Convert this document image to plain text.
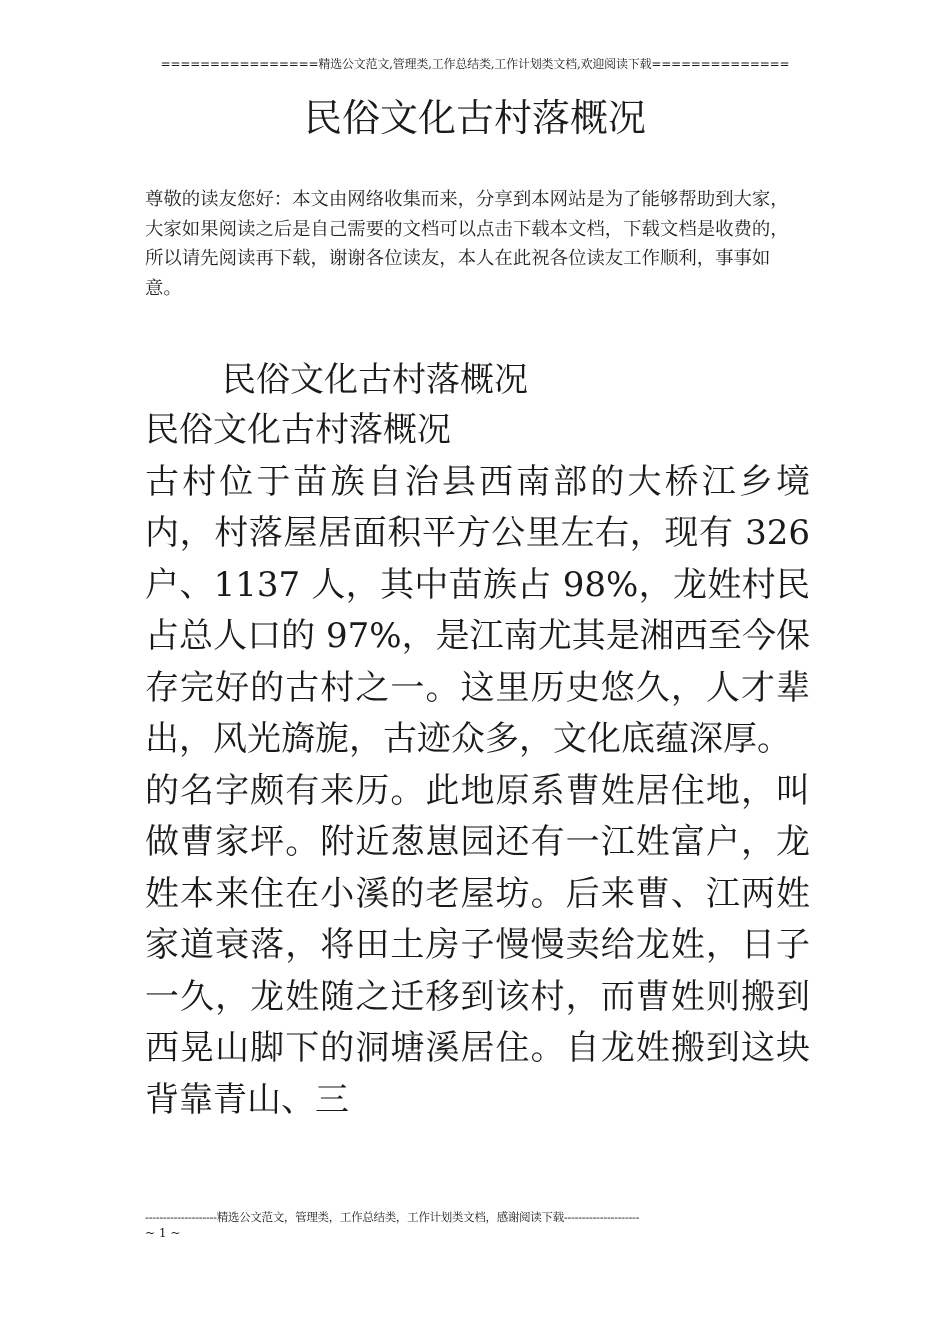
================精选公文范文,管理类,工作总结类,工作计划类文档,欢迎阅读下载==============
民俗文化古村落概况

尊敬的读友您好：本文由网络收集而来，分享到本网站是为了能够帮助到大家，大家如果阅读之后是自己需要的文档可以点击下载本文档，下载文档是收费的，所以请先阅读再下载，谢谢各位读友，本人在此祝各位读友工作顺利，事事如意。

民俗文化古村落概况

民俗文化古村落概况

古村位于苗族自治县西南部的大桥江乡境内，村落屋居面积平方公里左右，现有 326 户、1137 人，其中苗族占 98%，龙姓村民占总人口的 97%，是江南尤其是湘西至今保存完好的古村之一。这里历史悠久，人才辈出，风光旖旎，古迹众多，文化底蕴深厚。

的名字颇有来历。此地原系曹姓居住地，叫做曹家坪。附近葱崽园还有一江姓富户，龙姓本来住在小溪的老屋坊。后来曹、江两姓家道衰落，将田土房子慢慢卖给龙姓，日子一久，龙姓随之迁移到该村，而曹姓则搬到西晃山脚下的洞塘溪居住。自龙姓搬到这块背靠青山、三

--------------------精选公文范文，管理类，工作总结类，工作计划类文档，感谢阅读下载---------------------
~ 1 ~
